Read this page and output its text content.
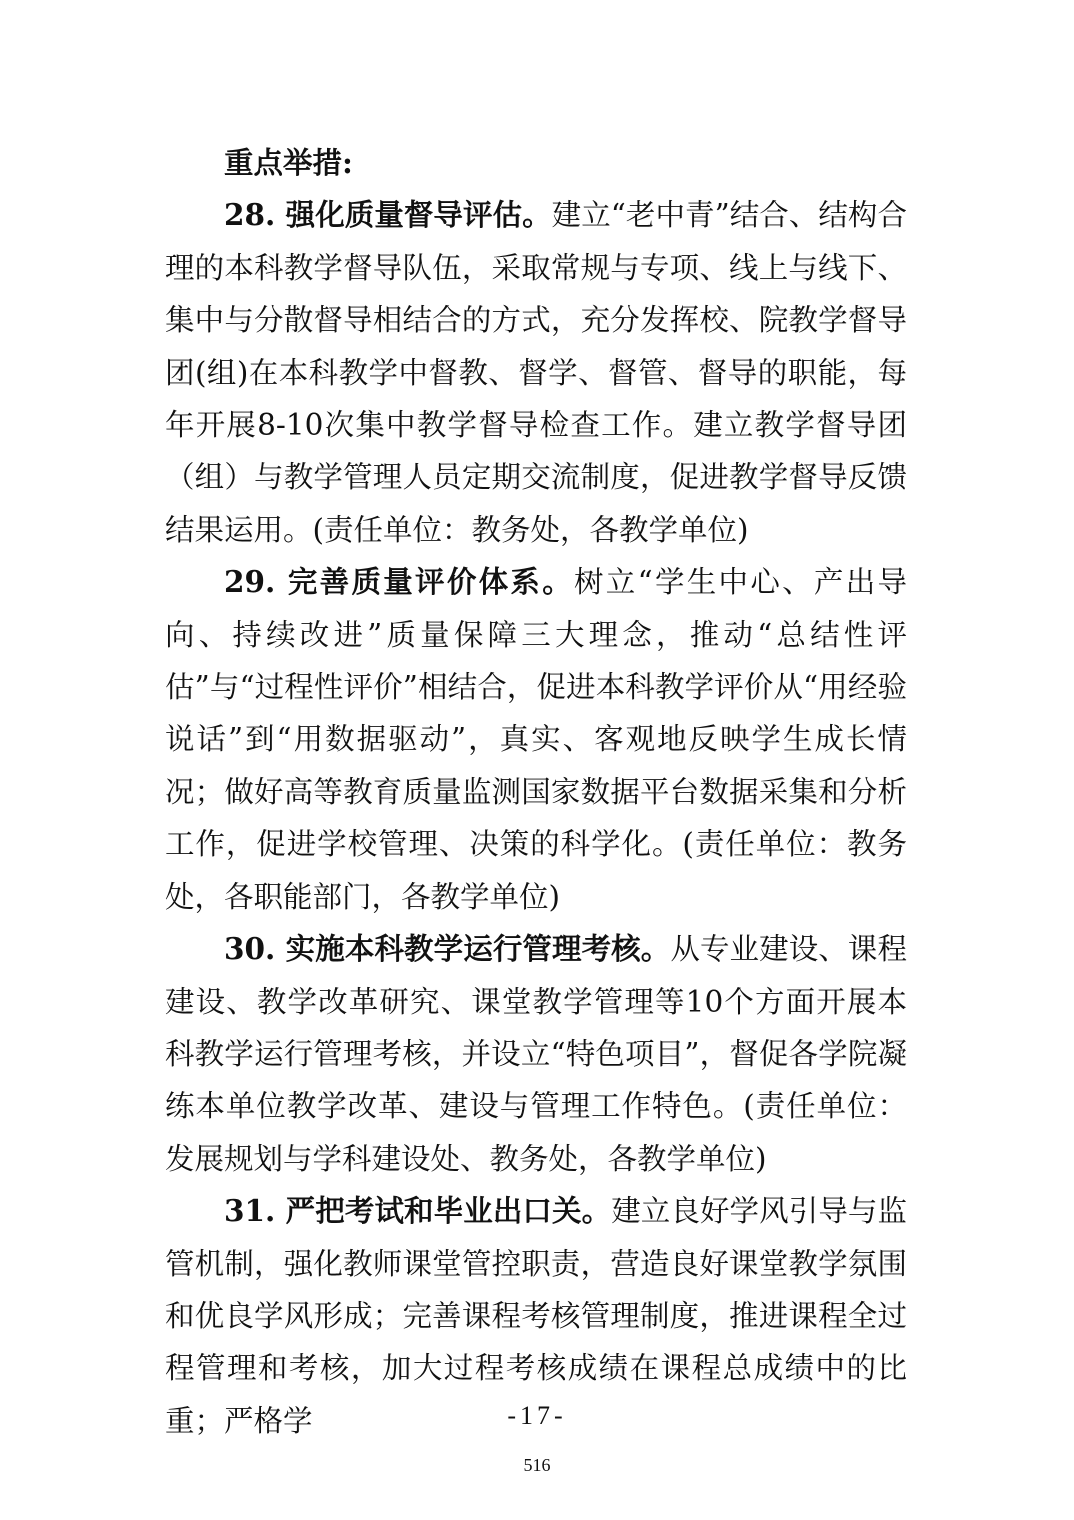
重点举措:

28. 强化质量督导评估。建立“老中青”结合、结构合理的本科教学督导队伍，采取常规与专项、线上与线下、集中与分散督导相结合的方式，充分发挥校、院教学督导团(组)在本科教学中督教、督学、督管、督导的职能，每年开展8-10次集中教学督导检查工作。建立教学督导团（组）与教学管理人员定期交流制度，促进教学督导反馈结果运用。(责任单位：教务处，各教学单位)

29. 完善质量评价体系。树立“学生中心、产出导向、持续改进”质量保障三大理念，推动“总结性评估”与“过程性评价”相结合，促进本科教学评价从“用经验说话”到“用数据驱动”，真实、客观地反映学生成长情况；做好高等教育质量监测国家数据平台数据采集和分析工作，促进学校管理、决策的科学化。(责任单位：教务处，各职能部门，各教学单位)

30. 实施本科教学运行管理考核。从专业建设、课程建设、教学改革研究、课堂教学管理等10个方面开展本科教学运行管理考核，并设立“特色项目”，督促各学院凝练本单位教学改革、建设与管理工作特色。(责任单位：发展规划与学科建设处、教务处，各教学单位)

31. 严把考试和毕业出口关。建立良好学风引导与监管机制，强化教师课堂管控职责，营造良好课堂教学氛围和优良学风形成；完善课程考核管理制度，推进课程全过程管理和考核，加大过程考核成绩在课程总成绩中的比重；严格学	-17-
516
